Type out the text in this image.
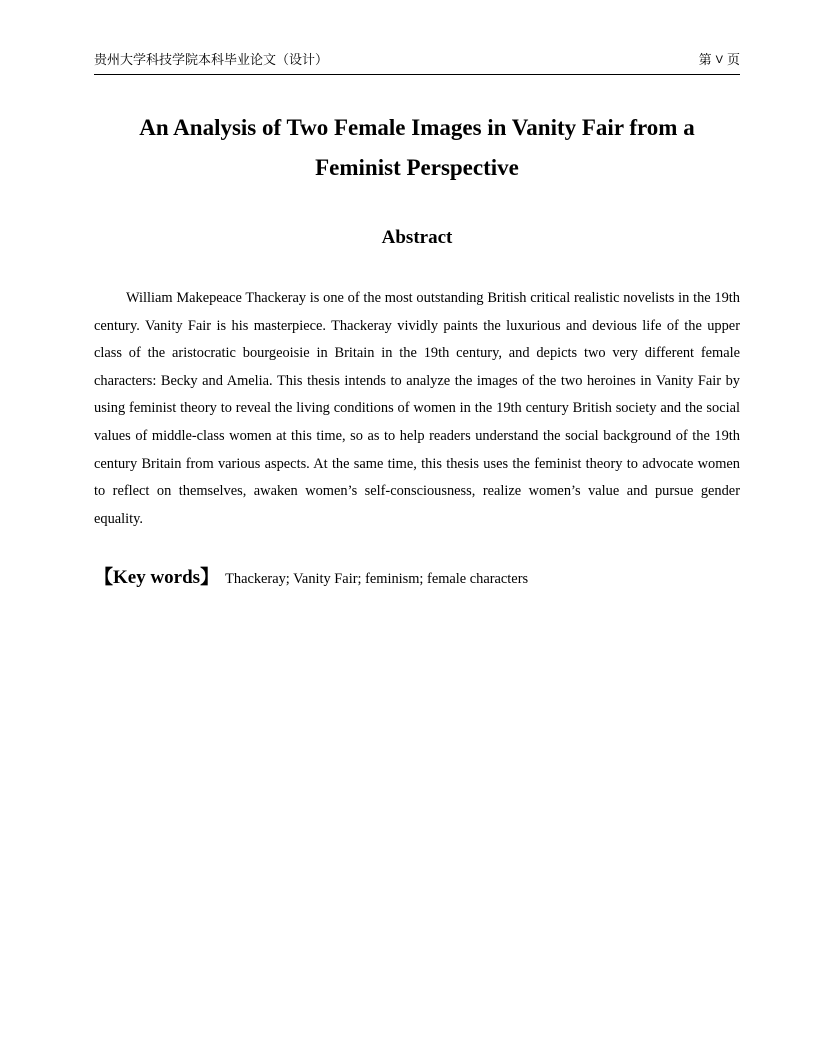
贵州大学科技学院本科毕业论文（设计）	第 V 页
An Analysis of Two Female Images in Vanity Fair from a
Feminist Perspective
Abstract

William Makepeace Thackeray is one of the most outstanding British critical realistic novelists in the 19th century. Vanity Fair is his masterpiece. Thackeray vividly paints the luxurious and devious life of the upper class of the aristocratic bourgeoisie in Britain in the 19th century, and depicts two very different female characters: Becky and Amelia. This thesis intends to analyze the images of the two heroines in Vanity Fair by using feminist theory to reveal the living conditions of women in the 19th century British society and the social values of middle-class women at this time, so as to help readers understand the social background of the 19th century Britain from various aspects. At the same time, this thesis uses the feminist theory to advocate women to reflect on themselves, awaken women’s self-consciousness, realize women’s value and pursue gender equality.

【Key words】 Thackeray; Vanity Fair; feminism; female characters
